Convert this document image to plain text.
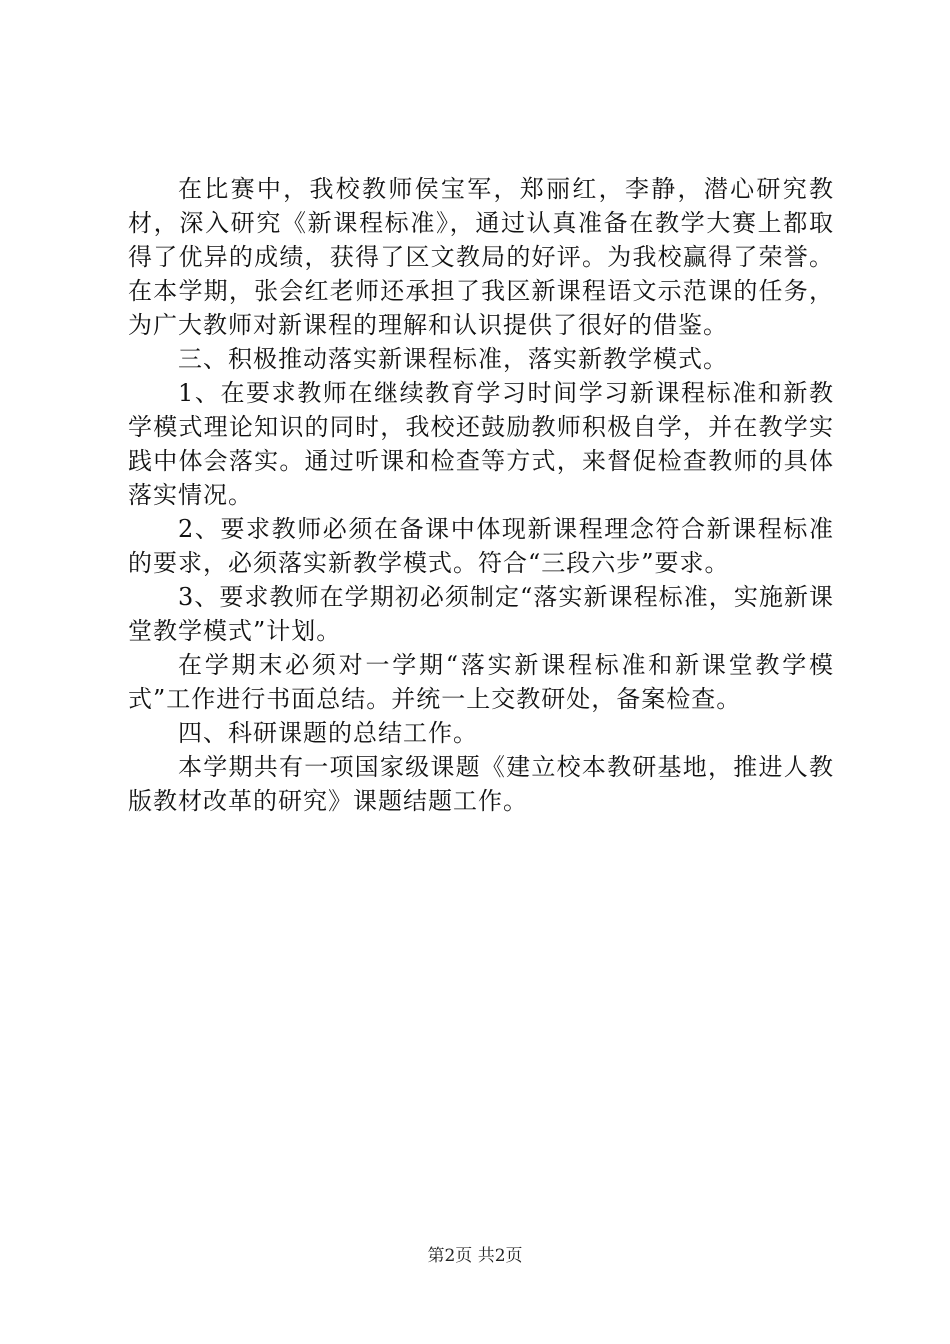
在比赛中，我校教师侯宝军，郑丽红，李静，潜心研究教材，深入研究《新课程标准》，通过认真准备在教学大赛上都取得了优异的成绩，获得了区文教局的好评。为我校赢得了荣誉。在本学期，张会红老师还承担了我区新课程语文示范课的任务，为广大教师对新课程的理解和认识提供了很好的借鉴。

三、积极推动落实新课程标准，落实新教学模式。

1、在要求教师在继续教育学习时间学习新课程标准和新教学模式理论知识的同时，我校还鼓励教师积极自学，并在教学实践中体会落实。通过听课和检查等方式，来督促检查教师的具体落实情况。

2、要求教师必须在备课中体现新课程理念符合新课程标准的要求，必须落实新教学模式。符合“三段六步”要求。

3、要求教师在学期初必须制定“落实新课程标准，实施新课堂教学模式”计划。

在学期末必须对一学期“落实新课程标准和新课堂教学模式”工作进行书面总结。并统一上交教研处，备案检查。

四、科研课题的总结工作。

本学期共有一项国家级课题《建立校本教研基地，推进人教版教材改革的研究》课题结题工作。

第2页 共2页
